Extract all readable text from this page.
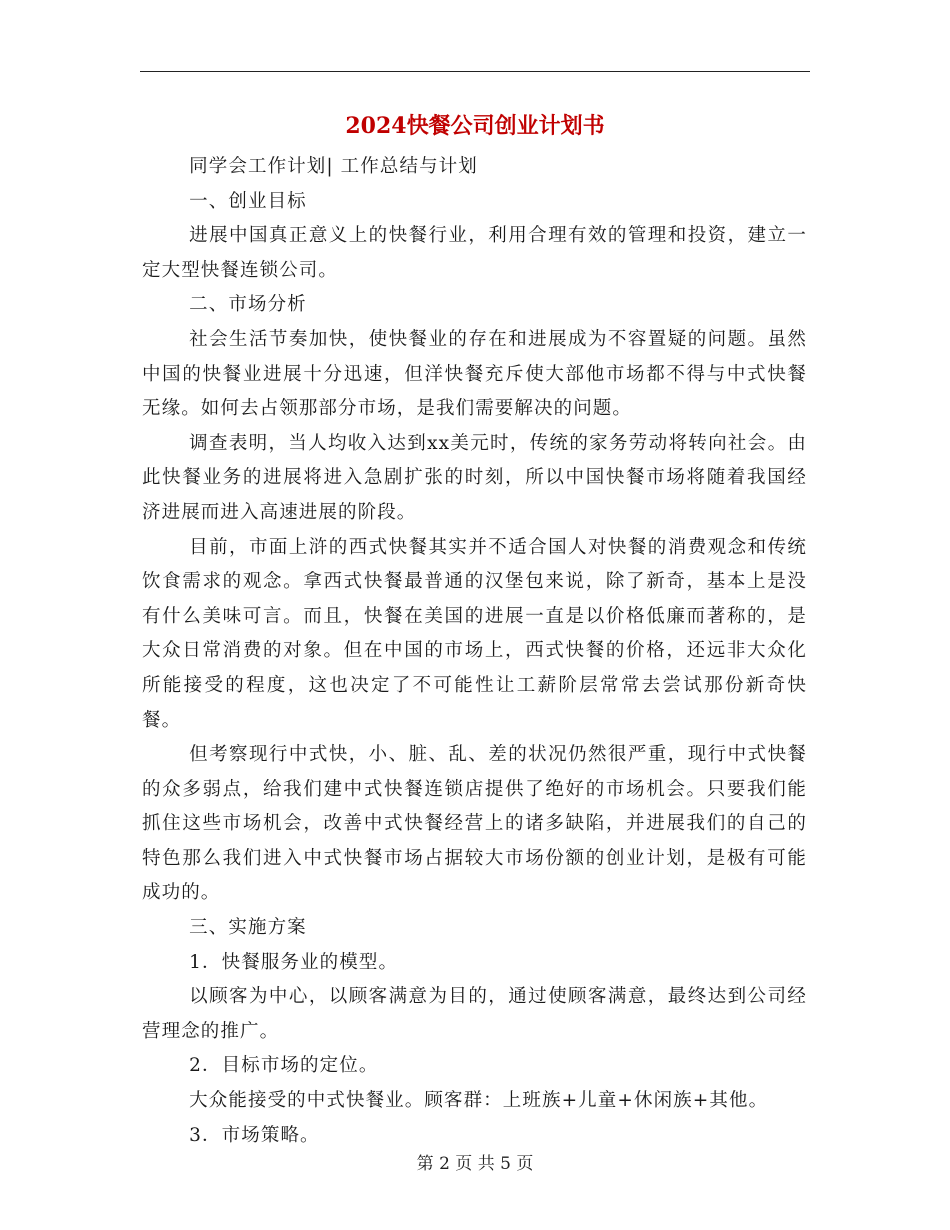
2024快餐公司创业计划书

同学会工作计划| 工作总结与计划

一、创业目标

进展中国真正意义上的快餐行业，利用合理有效的管理和投资，建立一定大型快餐连锁公司。

二、市场分析

社会生活节奏加快，使快餐业的存在和进展成为不容置疑的问题。虽然中国的快餐业进展十分迅速，但洋快餐充斥使大部他市场都不得与中式快餐无缘。如何去占领那部分市场，是我们需要解决的问题。

调查表明，当人均收入达到xx美元时，传统的家务劳动将转向社会。由此快餐业务的进展将进入急剧扩张的时刻，所以中国快餐市场将随着我国经济进展而进入高速进展的阶段。

目前，市面上浒的西式快餐其实并不适合国人对快餐的消费观念和传统饮食需求的观念。拿西式快餐最普通的汉堡包来说，除了新奇，基本上是没有什么美味可言。而且，快餐在美国的进展一直是以价格低廉而著称的，是大众日常消费的对象。但在中国的市场上，西式快餐的价格，还远非大众化所能接受的程度，这也决定了不可能性让工薪阶层常常去尝试那份新奇快餐。

但考察现行中式快，小、脏、乱、差的状况仍然很严重，现行中式快餐的众多弱点，给我们建中式快餐连锁店提供了绝好的市场机会。只要我们能抓住这些市场机会，改善中式快餐经营上的诸多缺陷，并进展我们的自己的特色那么我们进入中式快餐市场占据较大市场份额的创业计划，是极有可能成功的。

三、实施方案

1．快餐服务业的模型。

以顾客为中心，以顾客满意为目的，通过使顾客满意，最终达到公司经营理念的推广。

2．目标市场的定位。

大众能接受的中式快餐业。顾客群：上班族+儿童+休闲族+其他。

3．市场策略。

第 2 页 共 5 页
